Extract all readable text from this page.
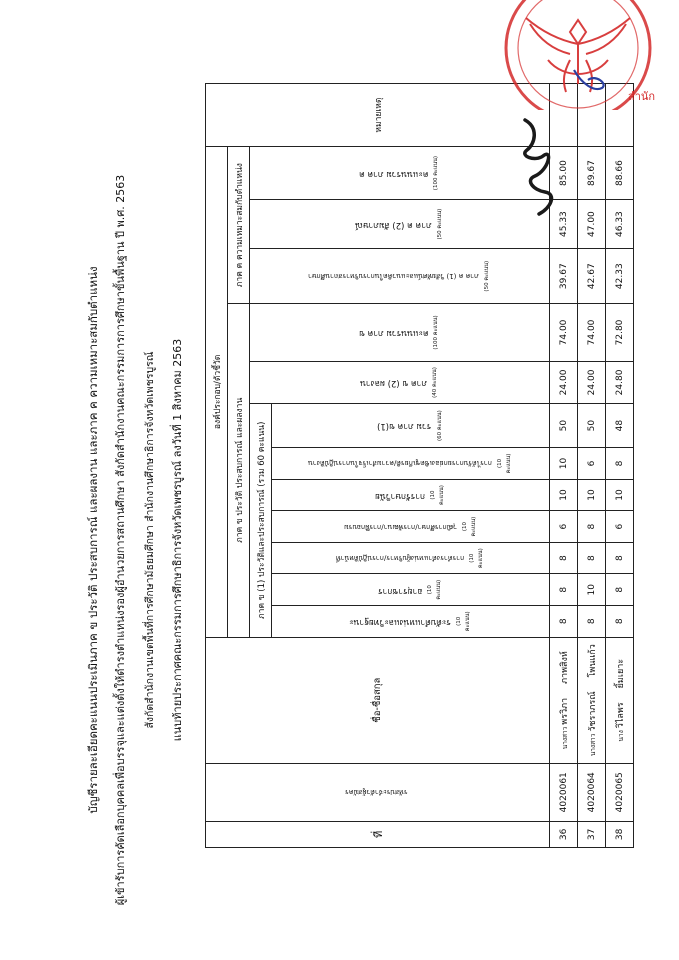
บัญชีรายละเอียดคะแนนประเมินภาค ข ประวัติ ประสบการณ์ และผลงาน และภาค ค ความเหมาะสมกับตำแหน่ง ผู้เข้ารับการคัดเลือกบุคคลเพื่อบรรจุและแต่งตั้งให้ดำรงตำแหน่งรองผู้อำนวยการสถานศึกษา สังกัดสำนักงานคณะกรรมการการศึกษาขั้นพื้นฐาน ปี พ.ศ. 2563 สังกัดสำนักงานเขตพื้นที่การศึกษามัธยมศึกษา สำนักงานศึกษาธิการจังหวัดเพชรบูรณ์ แนบท้ายประกาศคณะกรรมการศึกษาธิการจังหวัดเพชรบูรณ์ ลงวันที่ 1 สิงหาคม 2563
ที่	รหัสประจำตัวผู้สมัคร	ชื่อ-ชื่อสกุล	องค์ประกอบ/ตัวชี้วัด												หมายเหตุ
			ภาค ข ประวัติ ประสบการณ์ และผลงาน									ภาค ค ความเหมาะสมกับตำแหน่ง			
			ภาค ข (1) ประวัติและประสบการณ์ (รวม 60 คะแนน)							ภาค ข (2) ผลงาน (40 คะแนน)	คะแนนรวม ภาค ข (100 คะแนน)	ภาค ค (1) วิสัยทัศน์และแนวคิดในการบริหารสถานศึกษา (50 คะแนน)	ภาค ค (2) สัมภาษณ์ (50 คะแนน)	คะแนนรวม ภาค ค (100 คะแนน)	
			ระดับตำแหน่งและวิทยฐานะ (10 คะแนน)	อายุราชการ (10 คะแนน)	การดำรงตำแหน่งผู้บริหาร/การปฏิบัติหน้าที่ (10 คะแนน)	วุฒิการศึกษา/การพัฒนา/การฝึกอบรม (10 คะแนน)	การรักษาวินัย (10 คะแนน)	การได้รับการยกย่องเชิดชูเกียรติ/ความสำเร็จในการปฏิบัติงาน (10 คะแนน)	รวม ภาค ข(1) (60 คะแนน)						
36	4020061	นางสาวพรวิภาภาพสิงห์	8	8	8	6	10	10	50	24.00	74.00	39.67	45.33	85.00	
37	4020064	นางสาววัชราภรณ์โพนแก้ว	8	10	8	8	10	6	50	24.00	74.00	42.67	47.00	89.67	
38	4020065	นางวิไลพรยิ้มเยาะ	8	8	8	6	10	8	48	24.80	72.80	42.33	46.33	88.66	
สำนัก
